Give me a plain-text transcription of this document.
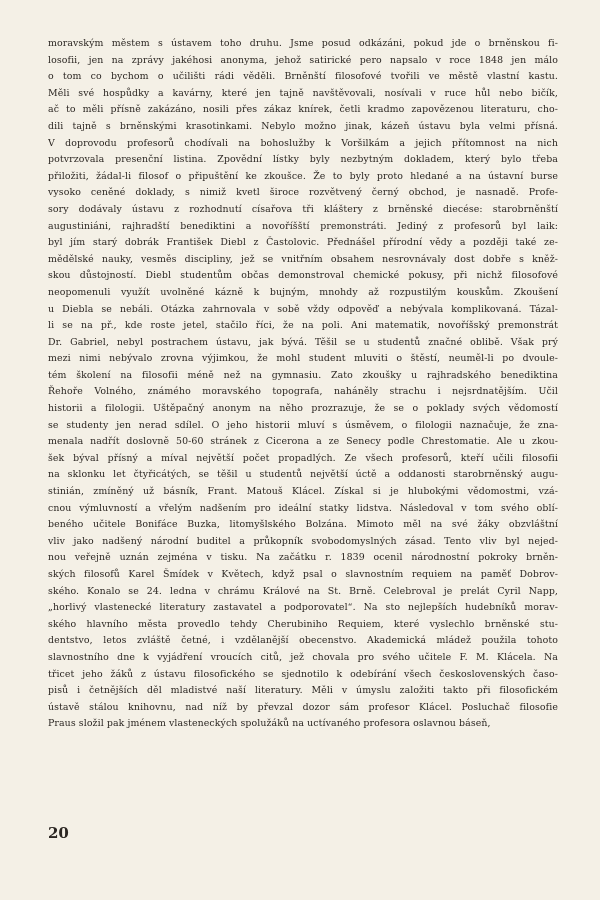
moravským městem s ústavem toho druhu. Jsme posud odkázáni, pokud jde o brněnskou fi-
losofii, jen na zprávy jakéhosi anonyma, jehož satirické pero napsalo v roce 1848 jen málo
o tom co bychom o učilišti rádi věděli. Brněnští filosofové tvořili ve městě vlastní kastu.
Měli své hospůdky a kavárny, které jen tajně navštěvovali, nosívali v ruce hůl nebo bičík,
ač to měli přísně zakázáno, nosili přes zákaz knírek, četli kradmo zapovězenou literaturu, cho-
dili tajně s brněnskými krasotinkami. Nebylo možno jinak, kázeň ústavu byla velmi přísná.
V doprovodu profesorů chodívali na bohoslužby k Voršilkám a jejich přítomnost na nich
potvrzovala presenční listina. Zpovědní lístky byly nezbytným dokladem, který bylo třeba
přiložiti, žádal-li filosof o připuštění ke zkoušce. Že to byly proto hledané a na ústavní burse
vysoko ceněné doklady, s nimiž kvetl široce rozvětvený černý obchod, je nasnadě. Profe-
sory dodávaly ústavu z rozhodnutí císařova tři kláštery z brněnské diecése: starobrněnští
augustiniáni, rajhradští benediktini a novoříšští premonstráti. Jediný z profesorů byl laik:
byl jím starý dobrák František Diebl z Častolovic. Přednášel přírodní vědy a později také ze-
mědělské nauky, vesměs discipliny, jež se vnitřním obsahem nesrovnávaly dost dobře s kněž-
skou důstojností. Diebl studentům občas demonstroval chemické pokusy, při nichž filosofové
neopomenuli využít uvolněné kázně k bujným, mnohdy až rozpustilým kouskům. Zkoušení
u Diebla se nebáli. Otázka zahrnovala v sobě vždy odpověď a nebývala komplikovaná. Tázal-
li se na př., kde roste jetel, stačilo říci, že na poli. Ani matematik, novoříšský premonstrát
Dr. Gabriel, nebyl postrachem ústavu, jak bývá. Těšil se u studentů značné oblibě. Však prý
mezi nimi nebývalo zrovna výjimkou, že mohl student mluviti o štěstí, neuměl-li po dvoule-
tém školení na filosofii méně než na gymnasiu. Zato zkoušky u rajhradského benediktina
Řehoře Volného, známého moravského topografa, naháněly strachu i nejsrdnatějším. Učil
historii a filologii. Uštěpačný anonym na něho prozrazuje, že se o poklady svých vědomostí
se studenty jen nerad sdílel. O jeho historii mluví s úsměvem, o filologii naznačuje, že zna-
menala nadřít doslovně 50-60 stránek z Cicerona a ze Senecy podle Chrestomatie. Ale u zkou-
šek býval přísný a míval největší počet propadlých. Ze všech profesorů, kteří učili filosofii
na sklonku let čtyřicátých, se těšil u studentů největší úctě a oddanosti starobrněnský augu-
stinián, zmíněný už básník, Frant. Matouš Klácel. Získal si je hlubokými vědomostmi, vzá-
cnou výmluvností a vřelým nadšením pro ideální statky lidstva. Následoval v tom svého oblí-
beného učitele Bonifáce Buzka, litomyšlského Bolzána. Mimoto měl na své žáky obzvláštní
vliv jako nadšený národní buditel a průkopník svobodomyslných zásad. Tento vliv byl nejed-
nou veřejně uznán zejména v tisku. Na začátku r. 1839 ocenil národnostní pokroky brněn-
ských filosofů Karel Šmídek v Květech, když psal o slavnostním requiem na paměť Dobrov-
ského. Konalo se 24. ledna v chrámu Králové na St. Brně. Celebroval je prelát Cyril Napp,
„horlivý vlastenecké literatury zastavatel a podporovatel“. Na sto nejlepších hudebníků morav-
ského hlavního města provedlo tehdy Cherubiniho Requiem, které vyslechlo brněnské stu-
dentstvo, letos zvláště četné, i vzdělanější obecenstvo. Akademická mládež použila tohoto
slavnostního dne k vyjádření vroucích citů, jež chovala pro svého učitele F. M. Klácela. Na
třicet jeho žáků z ústavu filosofického se sjednotilo k odebírání všech československých časo-
pisů i četnějších děl mladistvé naší literatury. Měli v úmyslu založiti takto při filosofickém
ústavě stálou knihovnu, nad níž by převzal dozor sám profesor Klácel. Posluchač filosofie
Praus složil pak jménem vlasteneckých spolužáků na uctívaného profesora oslavnou báseň,
20
